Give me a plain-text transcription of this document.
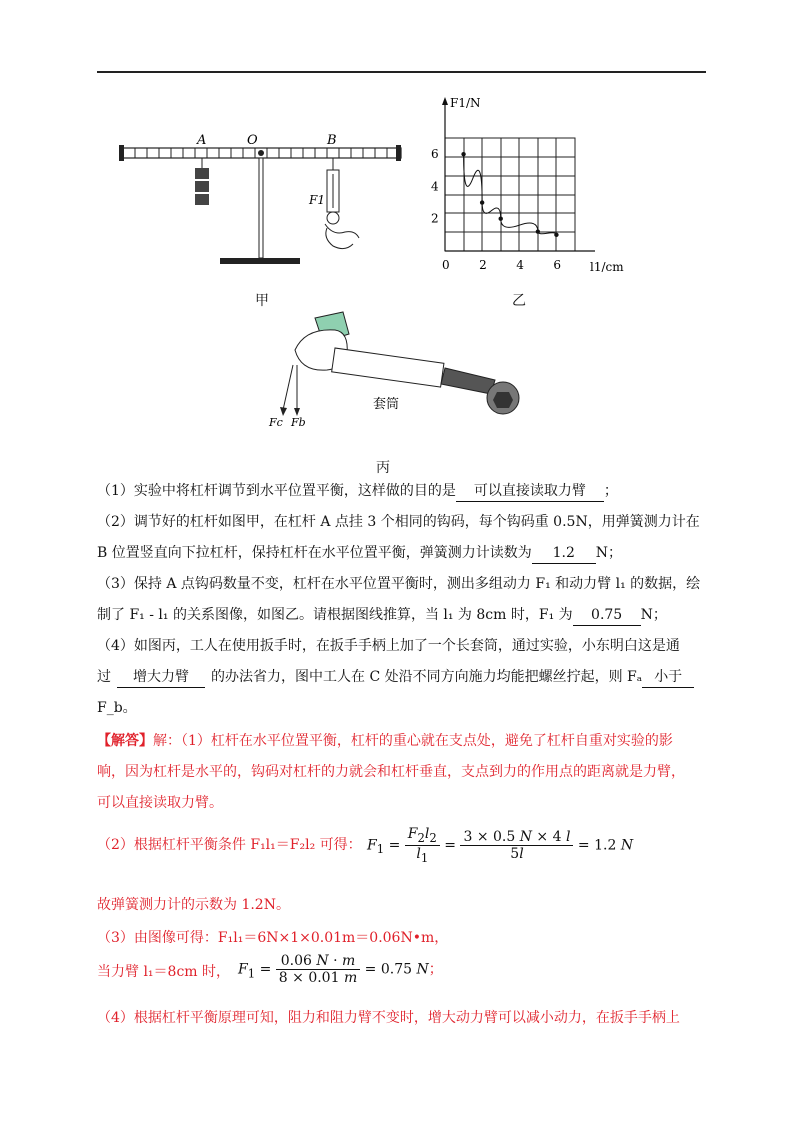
A	O	B
F1
甲
F1/N
l1/cm
0 2 4 6
2
4
6
乙
Fc Fb
套筒
丙
（1）实验中将杠杆调节到水平位置平衡，这样做的目的是 可以直接读取力臂 ；
（2）调节好的杠杆如图甲，在杠杆 A 点挂 3 个相同的钩码，每个钩码重 0.5N，用弹簧测力计在
B 位置竖直向下拉杠杆，保持杠杆在水平位置平衡，弹簧测力计读数为 1.2 N；
（3）保持 A 点钩码数量不变，杠杆在水平位置平衡时，测出多组动力 F₁ 和动力臂 l₁ 的数据，绘
制了 F₁ - l₁ 的关系图像，如图乙。请根据图线推算，当 l₁ 为 8cm 时，F₁ 为 0.75 N；
（4）如图丙，工人在使用扳手时，在扳手手柄上加了一个长套筒，通过实验，小东明白这是通
过 增大力臂 的办法省力，图中工人在 C 处沿不同方向施力均能把螺丝拧起，则 Fₐ 小于
F_b。
【解答】解：（1）杠杆在水平位置平衡，杠杆的重心就在支点处，避免了杠杆自重对实验的影
响，因为杠杆是水平的，钩码对杠杆的力就会和杠杆垂直，支点到力的作用点的距离就是力臂，
可以直接读取力臂。
（2）根据杠杆平衡条件 F₁l₁＝F₂l₂ 可得： $F_1 = \frac{F_2l_2}{l_1} = \frac{3 \times 0.5 N \times 4 l}{5l} = 1.2$ N
故弹簧测力计的示数为 1.2N。
（3）由图像可得：F₁l₁＝6N×1×0.01m＝0.06N•m，
当力臂 l₁＝8cm 时， $F_1 = \frac{0.06 N \cdot m}{8 \times 0.01 m} = 0.75$ N；
（4）根据杠杆平衡原理可知，阻力和阻力臂不变时，增大动力臂可以减小动力，在扳手手柄上
